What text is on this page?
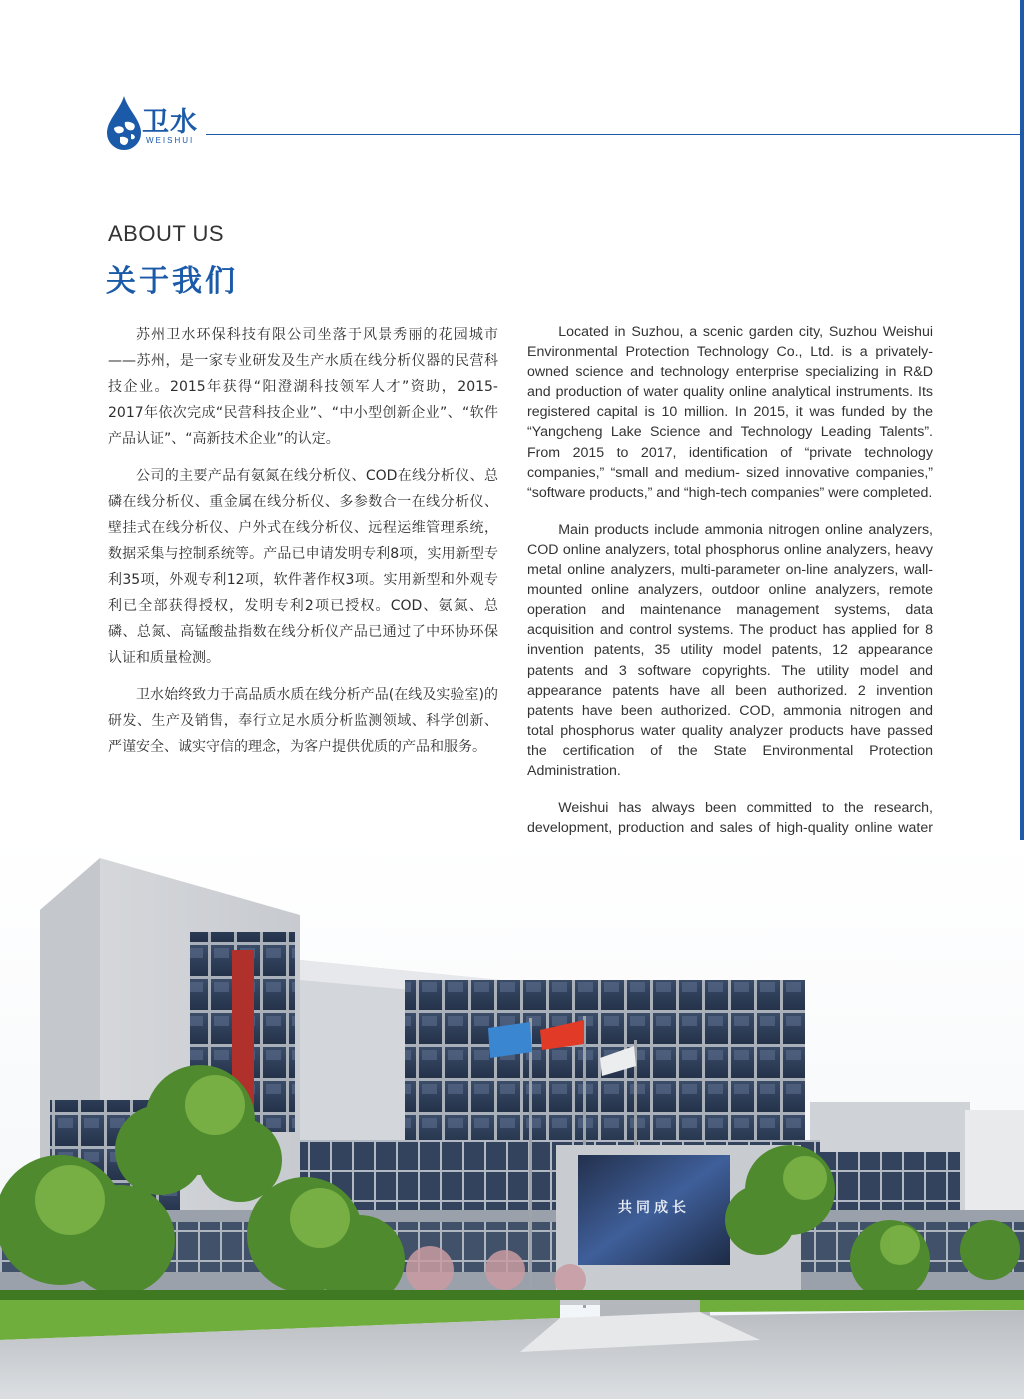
卫水
WEISHUI
ABOUT US
关于我们

苏州卫水环保科技有限公司坐落于风景秀丽的花园城市——苏州，是一家专业研发及生产水质在线分析仪器的民营科技企业。2015年获得“阳澄湖科技领军人才”资助，2015-2017年依次完成“民营科技企业”、“中小型创新企业”、“软件产品认证”、“高新技术企业”的认定。

公司的主要产品有氨氮在线分析仪、COD在线分析仪、总磷在线分析仪、重金属在线分析仪、多参数合一在线分析仪、壁挂式在线分析仪、户外式在线分析仪、远程运维管理系统，数据采集与控制系统等。产品已申请发明专利8项，实用新型专利35项，外观专利12项，软件著作权3项。实用新型和外观专利已全部获得授权，发明专利2项已授权。COD、氨氮、总磷、总氮、高锰酸盐指数在线分析仪产品已通过了中环协环保认证和质量检测。

卫水始终致力于高品质水质在线分析产品(在线及实验室)的研发、生产及销售，奉行立足水质分析监测领域、科学创新、严谨安全、诚实守信的理念，为客户提供优质的产品和服务。

Located in Suzhou, a scenic garden city, Suzhou Weishui Environmental Protection Technology Co., Ltd. is a privately-owned science and technology enterprise specializing in R&D and production of water quality online analytical instruments. Its registered capital is 10 million. In 2015, it was funded by the “Yangcheng Lake Science and Technology Leading Talents”. From 2015 to 2017, identification of “private technology companies,” “small and medium- sized innovative companies,” “software products,” and “high-tech companies” were completed.

Main products include ammonia nitrogen online analyzers, COD online analyzers, total phosphorus online analyzers, heavy metal online analyzers, multi-parameter on-line analyzers, wall-mounted online analyzers, outdoor online analyzers, remote operation and maintenance management systems, data acquisition and control systems. The product has applied for 8 invention patents, 35 utility model patents, 12 appearance patents and 3 software copyrights. The utility model and appearance patents have all been authorized. 2 invention patents have been authorized. COD, ammonia nitrogen and total phosphorus water quality analyzer products have passed the certification of the State Environmental Protection Administration.

Weishui has always been committed to the research, development, production and sales of high-quality online water

共同成长
